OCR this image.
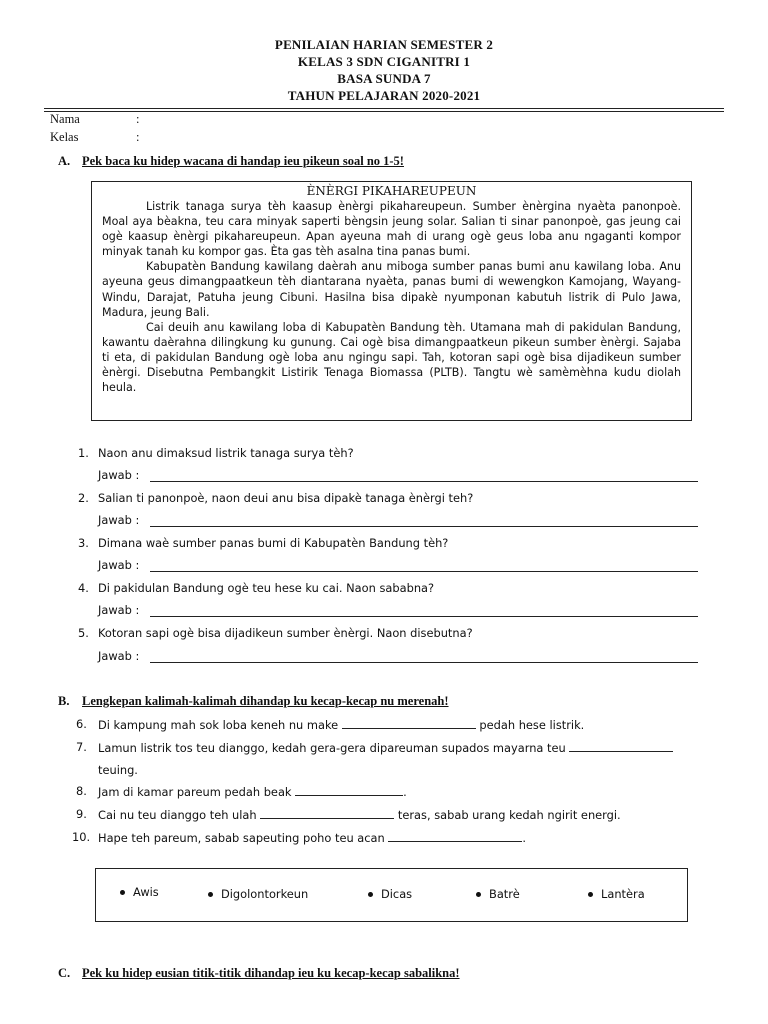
PENILAIAN HARIAN SEMESTER 2
KELAS 3 SDN CIGANITRI 1
BASA SUNDA 7
TAHUN PELAJARAN 2020-2021
Nama	:
Kelas	:
A. Pek baca ku hidep wacana di handap ieu pikeun soal no 1-5!
ÈNÈRGI PIKAHAREUPEUN

Listrik tanaga surya tèh kaasup ènèrgi pikahareupeun. Sumber ènèrgina nyaèta panonpoè. Moal aya bèakna, teu cara minyak saperti bèngsin jeung solar. Salian ti sinar panonpoè, gas jeung cai ogè kaasup ènèrgi pikahareupeun. Apan ayeuna mah di urang ogè geus loba anu ngaganti kompor minyak tanah ku kompor gas. Èta gas tèh asalna tina panas bumi.

Kabupatèn Bandung kawilang daèrah anu miboga sumber panas bumi anu kawilang loba. Anu ayeuna geus dimangpaatkeun tèh diantarana nyaèta, panas bumi di wewengkon Kamojang, Wayang-Windu, Darajat, Patuha jeung Cibuni. Hasilna bisa dipakè nyumponan kabutuh listrik di Pulo Jawa, Madura, jeung Bali.

Cai deuih anu kawilang loba di Kabupatèn Bandung tèh. Utamana mah di pakidulan Bandung, kawantu daèrahna dilingkung ku gunung. Cai ogè bisa dimangpaatkeun pikeun sumber ènèrgi. Sajaba ti eta, di pakidulan Bandung ogè loba anu ngingu sapi. Tah, kotoran sapi ogè bisa dijadikeun sumber ènèrgi. Disebutna Pembangkit Listirik Tenaga Biomassa (PLTB). Tangtu wè samèmèhna kudu diolah heula.

1. Naon anu dimaksud listrik tanaga surya tèh?
Jawab :
2. Salian ti panonpoè, naon deui anu bisa dipakè tanaga ènèrgi teh?
Jawab :
3. Dimana waè sumber panas bumi di Kabupatèn Bandung tèh?
Jawab :
4. Di pakidulan Bandung ogè teu hese ku cai. Naon sababna?
Jawab :
5. Kotoran sapi ogè bisa dijadikeun sumber ènèrgi. Naon disebutna?
Jawab :
B. Lengkepan kalimah-kalimah dihandap ku kecap-kecap nu merenah!
6. Di kampung mah sok loba keneh nu make	pedah hese listrik.
7. Lamun listrik tos teu dianggo, kedah gera-gera dipareuman supados mayarna teu
teuing.
8. Jam di kamar pareum pedah beak	.
9. Cai nu teu dianggo teh ulah	teras, sabab urang kedah ngirit energi.
10. Hape teh pareum, sabab sapeuting poho teu acan	.
Awis	Digolontorkeun	Dicas	Batrè	Lantèra
C. Pek ku hidep eusian titik-titik dihandap ieu ku kecap-kecap sabalikna!
